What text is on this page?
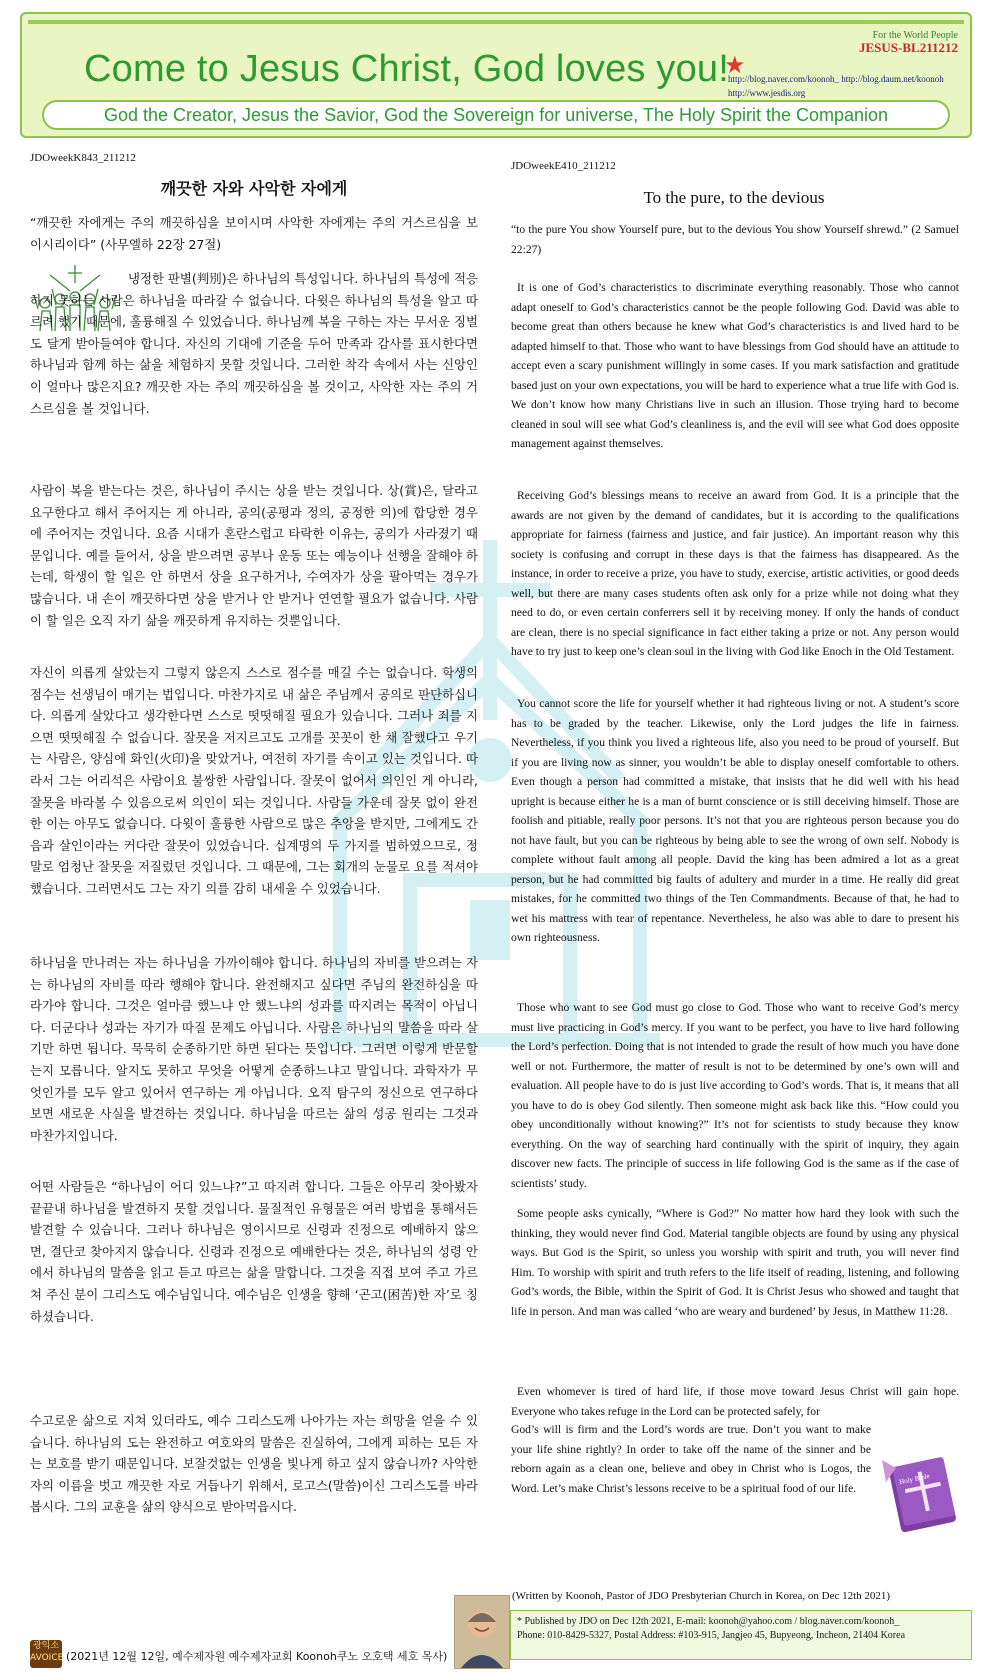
Come to Jesus Christ, God loves you!
★
For the World People
JESUS-BL211212
http://blog.naver.com/koonoh_ http://blog.daum.net/koonoh
http://www.jesdis.org
God the Creator, Jesus the Savior, God the Sovereign for universe, The Holy Spirit the Companion
JDOweekK843_211212
깨끗한 자와 사악한 자에게

“깨끗한 자에게는 주의 깨끗하심을 보이시며 사악한 자에게는 주의 거스르심을 보이시리이다” (사무엘하 22장 27절)

냉정한 판별(判別)은 하나님의 특성입니다. 하나님의 특성에 적응하지 못하는 사람은 하나님을 따라갈 수 없습니다. 다윗은 하나님의 특성을 알고 따르려 했기 때문에, 훌륭해질 수 있었습니다. 하나님께 복을 구하는 자는 무서운 징벌도 달게 받아들여야 합니다. 자신의 기대에 기준을 두어 만족과 감사를 표시한다면 하나님과 함께 하는 삶을 체험하지 못할 것입니다. 그러한 착각 속에서 사는 신앙인이 얼마나 많은지요? 깨끗한 자는 주의 깨끗하심을 볼 것이고, 사악한 자는 주의 거스르심을 볼 것입니다.

사람이 복을 받는다는 것은, 하나님이 주시는 상을 받는 것입니다. 상(賞)은, 달라고 요구한다고 해서 주어지는 게 아니라, 공의(공평과 정의, 공정한 의)에 합당한 경우에 주어지는 것입니다. 요즘 시대가 혼란스럽고 타락한 이유는, 공의가 사라졌기 때문입니다. 예를 들어서, 상을 받으려면 공부나 운동 또는 예능이나 선행을 잘해야 하는데, 학생이 할 일은 안 하면서 상을 요구하거나, 수여자가 상을 팔아먹는 경우가 많습니다. 내 손이 깨끗하다면 상을 받거나 안 받거나 연연할 필요가 없습니다. 사람이 할 일은 오직 자기 삶을 깨끗하게 유지하는 것뿐입니다.

자신이 의롭게 살았는지 그렇지 않은지 스스로 점수를 매길 수는 없습니다. 학생의 점수는 선생님이 매기는 법입니다. 마찬가지로 내 삶은 주님께서 공의로 판단하십니다. 의롭게 살았다고 생각한다면 스스로 떳떳해질 필요가 있습니다. 그러나 죄를 지으면 떳떳해질 수 없습니다. 잘못을 저지르고도 고개를 꼿꼿이 한 채 잘했다고 우기는 사람은, 양심에 화인(火印)을 맞았거나, 여전히 자기를 속이고 있는 것입니다. 따라서 그는 어리석은 사람이요 불쌍한 사람입니다. 잘못이 없어서 의인인 게 아니라, 잘못을 바라볼 수 있음으로써 의인이 되는 것입니다. 사람들 가운데 잘못 없이 완전한 이는 아무도 없습니다. 다윗이 훌륭한 사람으로 많은 추앙을 받지만, 그에게도 간음과 살인이라는 커다란 잘못이 있었습니다. 십계명의 두 가지를 범하였으므로, 정말로 엄청난 잘못을 저질렀던 것입니다. 그 때문에, 그는 회개의 눈물로 요를 적셔야 했습니다. 그러면서도 그는 자기 의를 감히 내세울 수 있었습니다.

하나님을 만나려는 자는 하나님을 가까이해야 합니다. 하나님의 자비를 받으려는 자는 하나님의 자비를 따라 행해야 합니다. 완전해지고 싶다면 주님의 완전하심을 따라가야 합니다. 그것은 얼마큼 했느냐 안 했느냐의 성과를 따지려는 목적이 아닙니다. 더군다나 성과는 자기가 따질 문제도 아닙니다. 사람은 하나님의 말씀을 따라 살기만 하면 됩니다. 묵묵히 순종하기만 하면 된다는 뜻입니다. 그러면 이렇게 반문할는지 모릅니다. 알지도 못하고 무엇을 어떻게 순종하느냐고 말입니다. 과학자가 무엇인가를 모두 알고 있어서 연구하는 게 아닙니다. 오직 탐구의 정신으로 연구하다 보면 새로운 사실을 발견하는 것입니다. 하나님을 따르는 삶의 성공 원리는 그것과 마찬가지입니다.

어떤 사람들은 “하나님이 어디 있느냐?”고 따지려 합니다. 그들은 아무리 찾아봤자 끝끝내 하나님을 발견하지 못할 것입니다. 물질적인 유형물은 여러 방법을 통해서든 발견할 수 있습니다. 그러나 하나님은 영이시므로 신령과 진정으로 예배하지 않으면, 결단코 찾아지지 않습니다. 신령과 진정으로 예배한다는 것은, 하나님의 성령 안에서 하나님의 말씀을 읽고 듣고 따르는 삶을 말합니다. 그것을 직접 보여 주고 가르쳐 주신 분이 그리스도 예수님입니다. 예수님은 인생을 향해 ‘곤고(困苦)한 자’로 칭하셨습니다.

수고로운 삶으로 지쳐 있더라도, 예수 그리스도께 나아가는 자는 희망을 얻을 수 있습니다. 하나님의 도는 완전하고 여호와의 말씀은 진실하여, 그에게 피하는 모든 자는 보호를 받기 때문입니다. 보잘것없는 인생을 빛나게 하고 싶지 않습니까? 사악한 자의 이름을 벗고 깨끗한 자로 거듭나기 위해서, 로고스(말씀)이신 그리스도를 바라봅시다. 그의 교훈을 삶의 양식으로 받아먹읍시다.

광익소
AVOICE (2021년 12월 12일, 예수제자원 예수제자교회 Koonoh쿠노 오호택 세호 목사)
JDOweekE410_211212
To the pure, to the devious

“to the pure You show Yourself pure, but to the devious You show Yourself shrewd.” (2 Samuel 22:27)

It is one of God’s characteristics to discriminate everything reasonably. Those who cannot adapt oneself to God’s characteristics cannot be the people following God. David was able to become great than others because he knew what God’s characteristics is and lived hard to be adapted himself to that. Those who want to have blessings from God should have an attitude to accept even a scary punishment willingly in some cases. If you mark satisfaction and gratitude based just on your own expectations, you will be hard to experience what a true life with God is. We don’t know how many Christians live in such an illusion. Those trying hard to become cleaned in soul will see what God’s cleanliness is, and the evil will see what God does opposite management against themselves.

Receiving God’s blessings means to receive an award from God. It is a principle that the awards are not given by the demand of candidates, but it is according to the qualifications appropriate for fairness (fairness and justice, and fair justice). An important reason why this society is confusing and corrupt in these days is that the fairness has disappeared. As the instance, in order to receive a prize, you have to study, exercise, artistic activities, or good deeds well, but there are many cases students often ask only for a prize while not doing what they need to do, or even certain conferrers sell it by receiving money. If only the hands of conduct are clean, there is no special significance in fact either taking a prize or not. Any person would have to try just to keep one’s clean soul in the living with God like Enoch in the Old Testament.

You cannot score the life for yourself whether it had righteous living or not. A student’s score has to be graded by the teacher. Likewise, only the Lord judges the life in fairness. Nevertheless, if you think you lived a righteous life, also you need to be proud of yourself. But if you are living now as sinner, you wouldn’t be able to display oneself comfortable to others. Even though a person had committed a mistake, that insists that he did well with his head upright is because either he is a man of burnt conscience or is still deceiving himself. Those are foolish and pitiable, really poor persons. It’s not that you are righteous person because you do not have fault, but you can be righteous by being able to see the wrong of own self. Nobody is complete without fault among all people. David the king has been admired a lot as a great person, but he had committed big faults of adultery and murder in a time. He really did great mistakes, for he committed two things of the Ten Commandments. Because of that, he had to wet his mattress with tear of repentance. Nevertheless, he also was able to dare to present his own righteousness.

Those who want to see God must go close to God. Those who want to receive God’s mercy must live practicing in God’s mercy. If you want to be perfect, you have to live hard following the Lord’s perfection. Doing that is not intended to grade the result of how much you have done well or not. Furthermore, the matter of result is not to be determined by one’s own will and evaluation. All people have to do is just live according to God’s words. That is, it means that all you have to do is obey God silently. Then someone might ask back like this. “How could you obey unconditionally without knowing?” It’s not for scientists to study because they know everything. On the way of searching hard continually with the spirit of inquiry, they again discover new facts. The principle of success in life following God is the same as if the case of scientists’ study.

Some people asks cynically, “Where is God?” No matter how hard they look with such the thinking, they would never find God. Material tangible objects are found by using any physical ways. But God is the Spirit, so unless you worship with spirit and truth, you will never find Him. To worship with spirit and truth refers to the life itself of reading, listening, and following God’s words, the Bible, within the Spirit of God. It is Christ Jesus who showed and taught that life in person. And man was called ‘who are weary and burdened’ by Jesus, in Matthew 11:28.

Even whomever is tired of hard life, if those move toward Jesus Christ will gain hope. Everyone who takes refuge in the Lord can be protected safely, for

God’s will is firm and the Lord’s words are true. Don’t you want to make your life shine rightly? In order to take off the name of the sinner and be reborn again as a clean one, believe and obey in Christ who is Logos, the Word. Let’s make Christ’s lessons receive to be a spiritual food of our life.

Holy Bible
(Written by Koonoh, Pastor of JDO Presbyterian Church in Korea, on Dec 12th 2021)
* Published by JDO on Dec 12th 2021, E-mail: koonoh@yahoo.com / blog.naver.com/koonoh_
Phone: 010-8429-5327, Postal Address: #103-915, Jangjeo 45, Bupyeong, Incheon, 21404 Korea
